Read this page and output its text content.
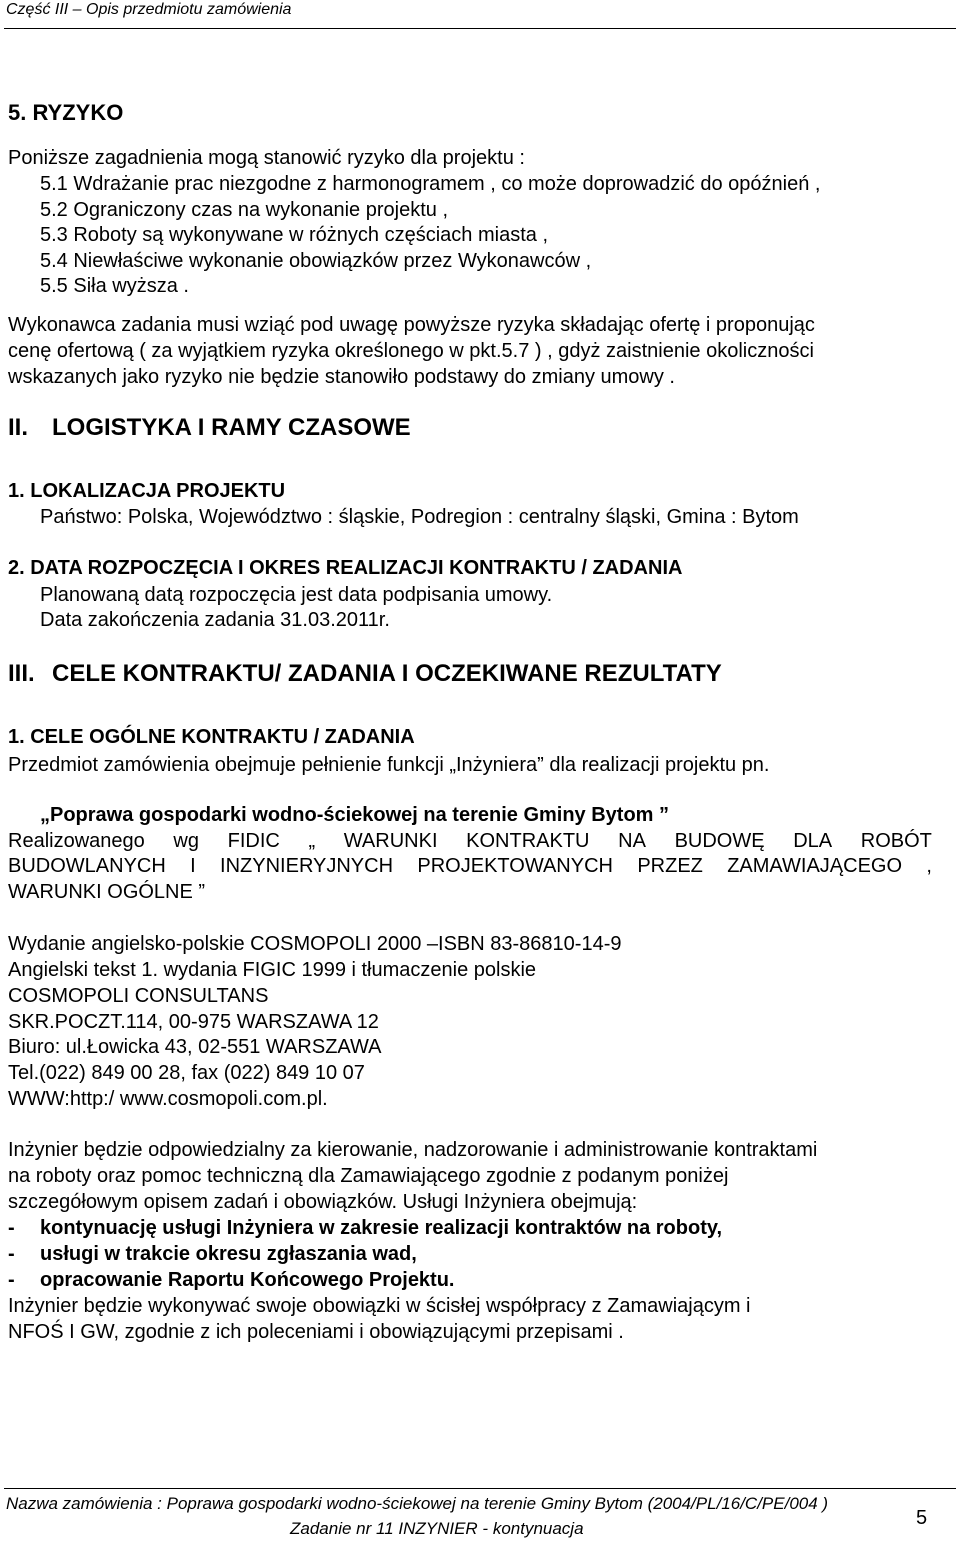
Część III – Opis przedmiotu zamówienia
5. RYZYKO
Poniższe zagadnienia mogą stanowić ryzyko dla projektu :
5.1 Wdrażanie prac niezgodne z harmonogramem , co może doprowadzić do opóźnień ,
5.2 Ograniczony czas na wykonanie projektu ,
5.3 Roboty są wykonywane w różnych częściach miasta ,
5.4 Niewłaściwe wykonanie obowiązków przez Wykonawców ,
5.5 Siła wyższa .
Wykonawca zadania musi wziąć pod uwagę powyższe ryzyka składając ofertę i proponując
cenę ofertową ( za wyjątkiem ryzyka określonego w pkt.5.7 ) , gdyż zaistnienie okoliczności
wskazanych jako ryzyko nie będzie stanowiło podstawy do zmiany umowy .
II. LOGISTYKA I RAMY CZASOWE
1. LOKALIZACJA PROJEKTU
Państwo: Polska, Województwo : śląskie, Podregion : centralny śląski, Gmina : Bytom
2. DATA ROZPOCZĘCIA I OKRES REALIZACJI KONTRAKTU / ZADANIA
Planowaną datą rozpoczęcia jest data podpisania umowy.
Data zakończenia zadania 31.03.2011r.
III. CELE KONTRAKTU/ ZADANIA I OCZEKIWANE REZULTATY
1. CELE OGÓLNE KONTRAKTU / ZADANIA
Przedmiot zamówienia obejmuje pełnienie funkcji „Inżyniera” dla realizacji projektu pn.
„Poprawa gospodarki wodno-ściekowej na terenie Gminy Bytom ”
Realizowanego wg FIDIC „ WARUNKI KONTRAKTU NA BUDOWĘ DLA ROBÓT
BUDOWLANYCH I INZYNIERYJNYCH PROJEKTOWANYCH PRZEZ ZAMAWIAJĄCEGO ,
WARUNKI OGÓLNE ”
Wydanie angielsko-polskie COSMOPOLI 2000 –ISBN 83-86810-14-9
Angielski tekst 1. wydania FIGIC 1999 i tłumaczenie polskie
COSMOPOLI CONSULTANS
SKR.POCZT.114, 00-975 WARSZAWA 12
Biuro: ul.Łowicka 43, 02-551 WARSZAWA
Tel.(022) 849 00 28, fax (022) 849 10 07
WWW:http:/ www.cosmopoli.com.pl.
Inżynier będzie odpowiedzialny za kierowanie, nadzorowanie i administrowanie kontraktami
na roboty oraz pomoc techniczną dla Zamawiającego zgodnie z podanym poniżej
szczegółowym opisem zadań i obowiązków. Usługi Inżyniera obejmują:
- kontynuację usługi Inżyniera w zakresie realizacji kontraktów na roboty,
- usługi w trakcie okresu zgłaszania wad,
- opracowanie Raportu Końcowego Projektu.
Inżynier będzie wykonywać swoje obowiązki w ścisłej współpracy z Zamawiającym i
NFOŚ I GW, zgodnie z ich poleceniami i obowiązującymi przepisami .
Nazwa zamówienia : Poprawa gospodarki wodno-ściekowej na terenie Gminy Bytom (2004/PL/16/C/PE/004 )
Zadanie nr 11 INZYNIER - kontynuacja	5
